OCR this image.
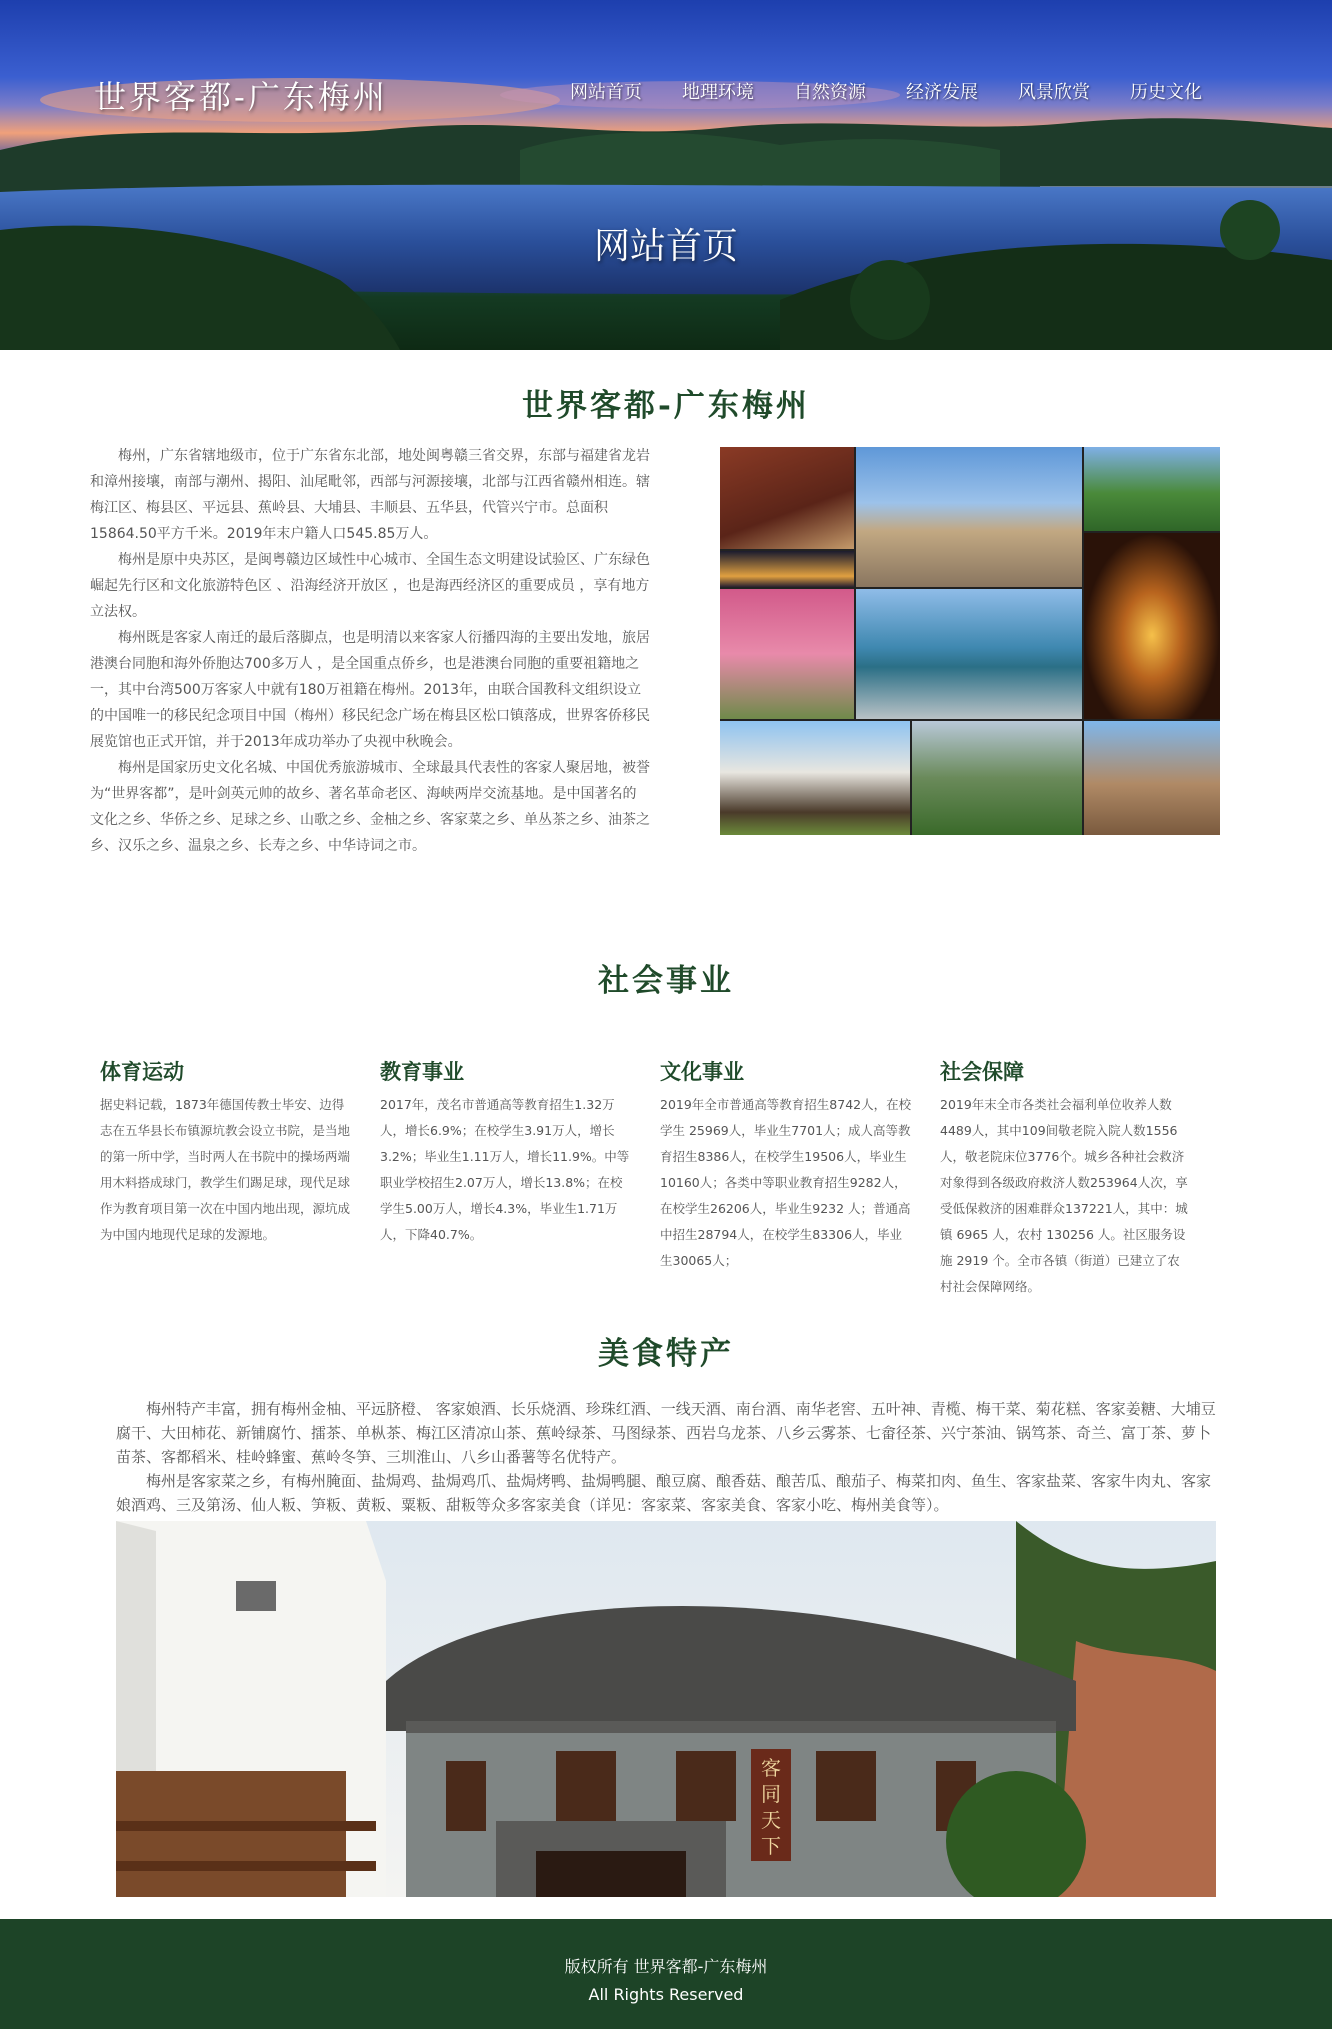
世界客都-广东梅州	网站首页	地理环境	自然资源	经济发展	风景欣赏	历史文化
网站首页
世界客都-广东梅州

梅州，广东省辖地级市，位于广东省东北部，地处闽粤赣三省交界，东部与福建省龙岩和漳州接壤，南部与潮州、揭阳、汕尾毗邻，西部与河源接壤，北部与江西省赣州相连。辖梅江区、梅县区、平远县、蕉岭县、大埔县、丰顺县、五华县，代管兴宁市。总面积15864.50平方千米。2019年末户籍人口545.85万人。

梅州是原中央苏区，是闽粤赣边区域性中心城市、全国生态文明建设试验区、广东绿色崛起先行区和文化旅游特色区 、沿海经济开放区 ，也是海西经济区的重要成员 ，享有地方立法权。

梅州既是客家人南迁的最后落脚点，也是明清以来客家人衍播四海的主要出发地，旅居港澳台同胞和海外侨胞达700多万人 ，是全国重点侨乡，也是港澳台同胞的重要祖籍地之一，其中台湾500万客家人中就有180万祖籍在梅州。2013年，由联合国教科文组织设立的中国唯一的移民纪念项目中国（梅州）移民纪念广场在梅县区松口镇落成，世界客侨移民展览馆也正式开馆，并于2013年成功举办了央视中秋晚会。

梅州是国家历史文化名城、中国优秀旅游城市、全球最具代表性的客家人聚居地，被誉为“世界客都”，是叶剑英元帅的故乡、著名革命老区、海峡两岸交流基地。是中国著名的文化之乡、华侨之乡、足球之乡、山歌之乡、金柚之乡、客家菜之乡、单丛茶之乡、油茶之乡、汉乐之乡、温泉之乡、长寿之乡、中华诗词之市。

社会事业
体育运动

据史料记载，1873年德国传教士毕安、边得志在五华县长布镇源坑教会设立书院，是当地的第一所中学，当时两人在书院中的操场两端用木料搭成球门，教学生们踢足球，现代足球作为教育项目第一次在中国内地出现，源坑成为中国内地现代足球的发源地。

教育事业

2017年，茂名市普通高等教育招生1.32万人，增长6.9%；在校学生3.91万人，增长3.2%；毕业生1.11万人，增长11.9%。中等职业学校招生2.07万人，增长13.8%；在校学生5.00万人，增长4.3%，毕业生1.71万人，下降40.7%。

文化事业

2019年全市普通高等教育招生8742人，在校学生 25969人，毕业生7701人；成人高等教育招生8386人，在校学生19506人，毕业生10160人；各类中等职业教育招生9282人，在校学生26206人，毕业生9232 人；普通高中招生28794人，在校学生83306人，毕业生30065人；

社会保障

2019年末全市各类社会福利单位收养人数4489人，其中109间敬老院入院人数1556人，敬老院床位3776个。城乡各种社会救济对象得到各级政府救济人数253964人次，享受低保救济的困难群众137221人，其中：城镇 6965 人，农村 130256 人。社区服务设施 2919 个。全市各镇（街道）已建立了农村社会保障网络。

美食特产

梅州特产丰富，拥有梅州金柚、平远脐橙、 客家娘酒、长乐烧酒、珍珠红酒、一线天酒、南台酒、南华老窖、五叶神、青榄、梅干菜、菊花糕、客家姜糖、大埔豆腐干、大田柿花、新铺腐竹、擂茶、单枞茶、梅江区清凉山茶、蕉岭绿茶、马图绿茶、西岩乌龙茶、八乡云雾茶、七畲径茶、兴宁茶油、锅笃茶、奇兰、富丁茶、萝卜苗茶、客都稻米、桂岭蜂蜜、蕉岭冬笋、三圳淮山、八乡山番薯等名优特产。

梅州是客家菜之乡，有梅州腌面、盐焗鸡、盐焗鸡爪、盐焗烤鸭、盐焗鸭腿、酿豆腐、酿香菇、酿苦瓜、酿茄子、梅菜扣肉、鱼生、客家盐菜、客家牛肉丸、客家娘酒鸡、三及第汤、仙人粄、笋粄、黄粄、粟粄、甜粄等众多客家美食（详见：客家菜、客家美食、客家小吃、梅州美食等）。

客
同
天
下
版权所有 世界客都-广东梅州
All Rights Reserved
